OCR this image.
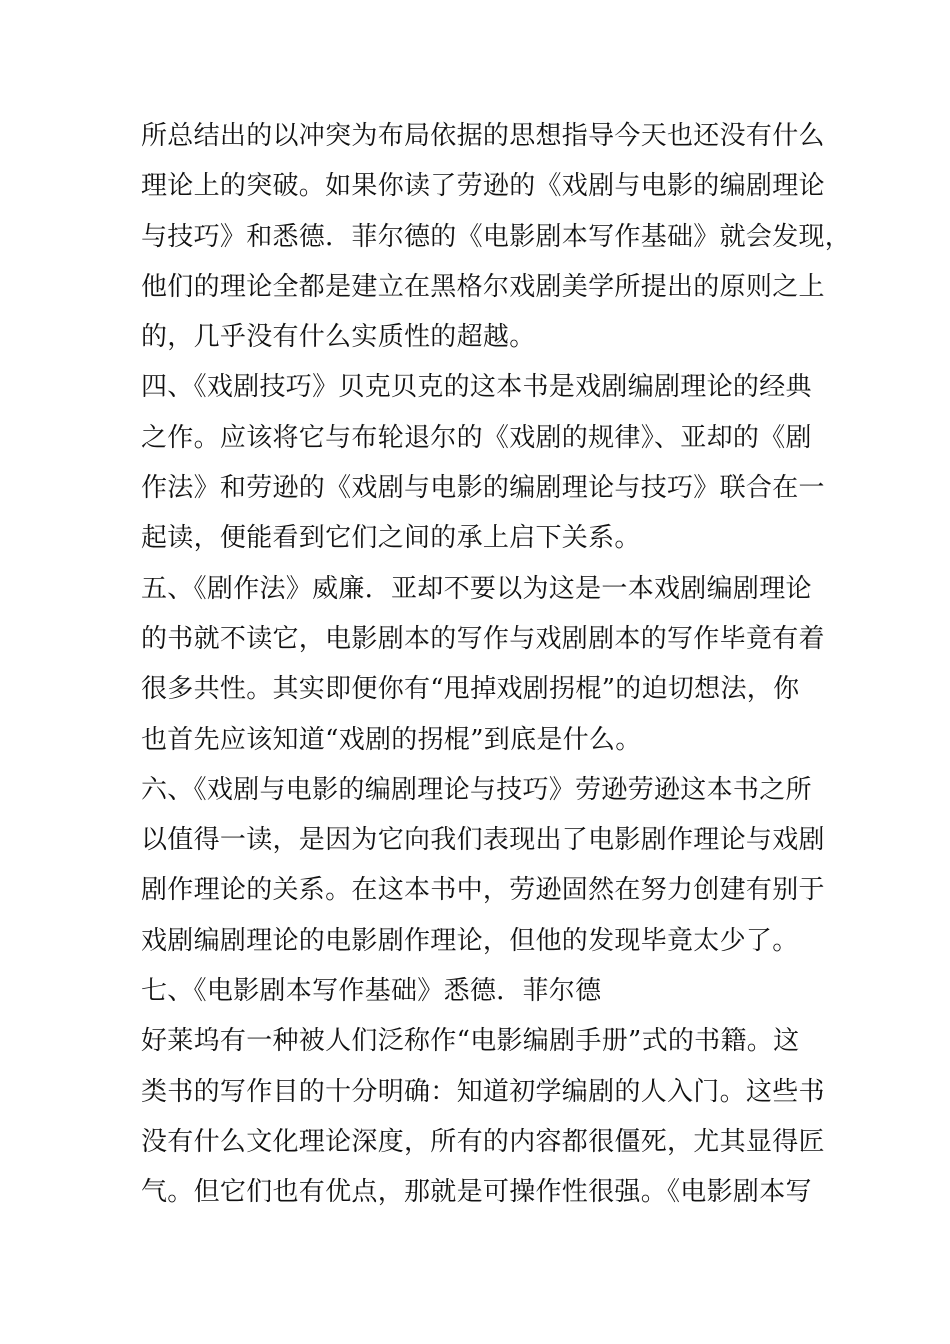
所总结出的以冲突为布局依据的思想指导今天也还没有什么
理论上的突破。如果你读了劳逊的《戏剧与电影的编剧理论
与技巧》和悉德．菲尔德的《电影剧本写作基础》就会发现，
他们的理论全都是建立在黑格尔戏剧美学所提出的原则之上
的，几乎没有什么实质性的超越。
四、《戏剧技巧》贝克贝克的这本书是戏剧编剧理论的经典
之作。应该将它与布轮退尔的《戏剧的规律》、亚却的《剧
作法》和劳逊的《戏剧与电影的编剧理论与技巧》联合在一
起读，便能看到它们之间的承上启下关系。
五、《剧作法》威廉．亚却不要以为这是一本戏剧编剧理论
的书就不读它，电影剧本的写作与戏剧剧本的写作毕竟有着
很多共性。其实即便你有“甩掉戏剧拐棍”的迫切想法，你
也首先应该知道“戏剧的拐棍”到底是什么。
六、《戏剧与电影的编剧理论与技巧》劳逊劳逊这本书之所
以值得一读，是因为它向我们表现出了电影剧作理论与戏剧
剧作理论的关系。在这本书中，劳逊固然在努力创建有别于
戏剧编剧理论的电影剧作理论，但他的发现毕竟太少了。
七、《电影剧本写作基础》悉德．菲尔德
好莱坞有一种被人们泛称作“电影编剧手册”式的书籍。这
类书的写作目的十分明确：知道初学编剧的人入门。这些书
没有什么文化理论深度，所有的内容都很僵死，尤其显得匠
气。但它们也有优点，那就是可操作性很强。《电影剧本写
